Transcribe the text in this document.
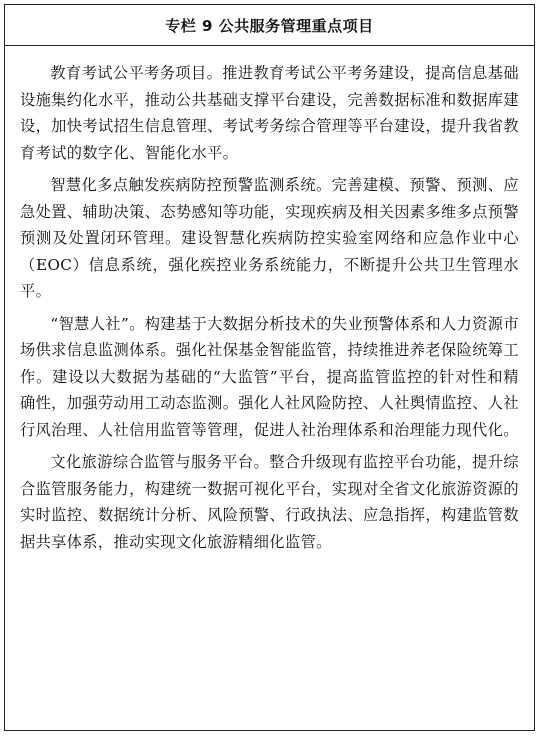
专栏 9 公共服务管理重点项目

教育考试公平考务项目。推进教育考试公平考务建设，提高信息基础设施集约化水平，推动公共基础支撑平台建设，完善数据标准和数据库建设，加快考试招生信息管理、考试考务综合管理等平台建设，提升我省教育考试的数字化、智能化水平。

智慧化多点触发疾病防控预警监测系统。完善建模、预警、预测、应急处置、辅助决策、态势感知等功能，实现疾病及相关因素多维多点预警预测及处置闭环管理。建设智慧化疾病防控实验室网络和应急作业中心（EOC）信息系统，强化疾控业务系统能力，不断提升公共卫生管理水平。

“智慧人社”。构建基于大数据分析技术的失业预警体系和人力资源市场供求信息监测体系。强化社保基金智能监管，持续推进养老保险统筹工作。建设以大数据为基础的“大监管”平台，提高监管监控的针对性和精确性，加强劳动用工动态监测。强化人社风险防控、人社舆情监控、人社行风治理、人社信用监管等管理，促进人社治理体系和治理能力现代化。

文化旅游综合监管与服务平台。整合升级现有监控平台功能，提升综合监管服务能力，构建统一数据可视化平台，实现对全省文化旅游资源的实时监控、数据统计分析、风险预警、行政执法、应急指挥，构建监管数据共享体系，推动实现文化旅游精细化监管。
